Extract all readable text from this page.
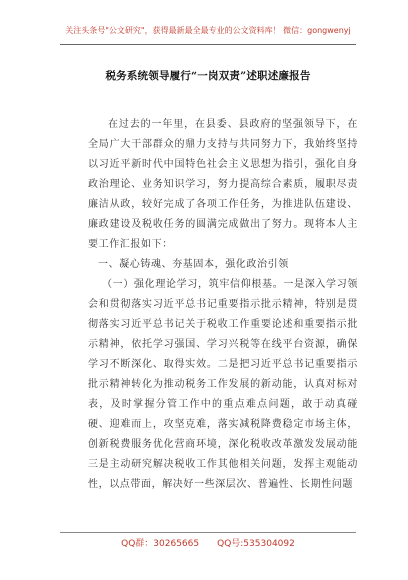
关注头条号"公文研究"，获得最新最全最专业的公文资料库！ 微信：gongwenyj
税务系统领导履行“一岗双责”述职述廉报告

在过去的一年里，在县委、县政府的坚强领导下，在全局广大干部群众的鼎力支持与共同努力下，我始终坚持以习近平新时代中国特色社会主义思想为指引，强化自身政治理论、业务知识学习，努力提高综合素质，履职尽责廉洁从政，较好完成了各项工作任务，为推进队伍建设、廉政建设及税收任务的圆满完成做出了努力。现将本人主要工作汇报如下：

一、凝心铸魂、夯基固本，强化政治引领

（一）强化理论学习，筑牢信仰根基。一是深入学习领会和贯彻落实习近平总书记重要指示批示精神，特别是贯彻落实习近平总书记关于税收工作重要论述和重要指示批示精神，依托学习强国、学习兴税等在线平台资源，确保学习不断深化、取得实效。二是把习近平总书记重要指示批示精神转化为推动税务工作发展的新动能，认真对标对表，及时掌握分管工作中的重点难点问题，敢于动真碰硬、迎难而上，攻坚克难，落实减税降费稳定市场主体，创新税费服务优化营商环境，深化税收改革激发发展动能三是主动研究解决税收工作其他相关问题，发挥主观能动性，以点带面，解决好一些深层次、普遍性、长期性问题

QQ群：30265665 QQ号:535304092
